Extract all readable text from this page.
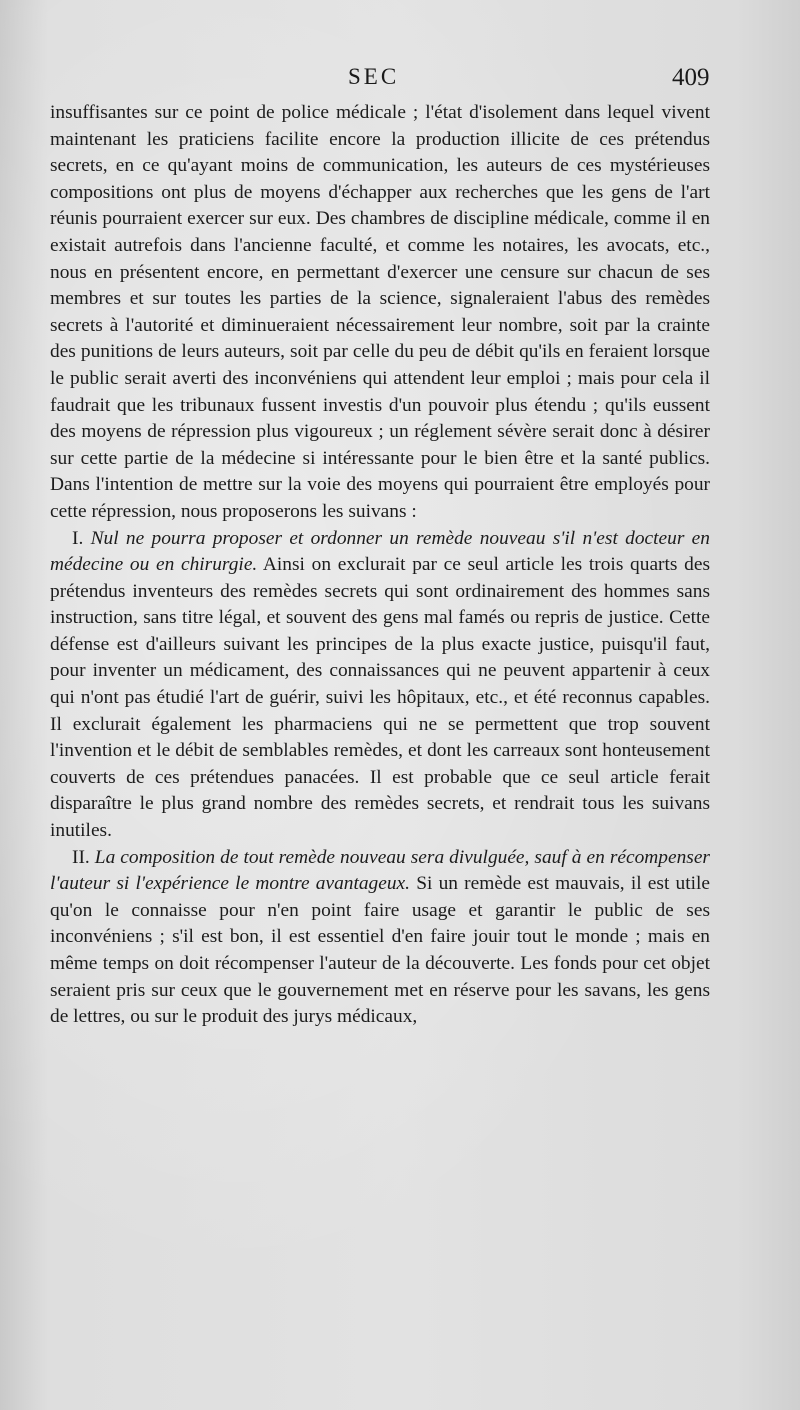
SEC	409

insuffisantes sur ce point de police médicale ; l'état d'isolement dans lequel vivent maintenant les praticiens facilite encore la production illicite de ces prétendus secrets, en ce qu'ayant moins de communication, les auteurs de ces mystérieuses compositions ont plus de moyens d'échapper aux recherches que les gens de l'art réunis pourraient exercer sur eux. Des chambres de discipline médicale, comme il en existait autrefois dans l'ancienne faculté, et comme les notaires, les avocats, etc., nous en présentent encore, en permettant d'exercer une censure sur chacun de ses membres et sur toutes les parties de la science, signaleraient l'abus des remèdes secrets à l'autorité et diminueraient nécessairement leur nombre, soit par la crainte des punitions de leurs auteurs, soit par celle du peu de débit qu'ils en feraient lorsque le public serait averti des inconvéniens qui attendent leur emploi ; mais pour cela il faudrait que les tribunaux fussent investis d'un pouvoir plus étendu ; qu'ils eussent des moyens de répression plus vigoureux ; un réglement sévère serait donc à désirer sur cette partie de la médecine si intéressante pour le bien être et la santé publics. Dans l'intention de mettre sur la voie des moyens qui pourraient être employés pour cette répression, nous proposerons les suivans :

I. Nul ne pourra proposer et ordonner un remède nouveau s'il n'est docteur en médecine ou en chirurgie. Ainsi on exclurait par ce seul article les trois quarts des prétendus inventeurs des remèdes secrets qui sont ordinairement des hommes sans instruction, sans titre légal, et souvent des gens mal famés ou repris de justice. Cette défense est d'ailleurs suivant les principes de la plus exacte justice, puisqu'il faut, pour inventer un médicament, des connaissances qui ne peuvent appartenir à ceux qui n'ont pas étudié l'art de guérir, suivi les hôpitaux, etc., et été reconnus capables. Il exclurait également les pharmaciens qui ne se permettent que trop souvent l'invention et le débit de semblables remèdes, et dont les carreaux sont honteusement couverts de ces prétendues panacées. Il est probable que ce seul article ferait disparaître le plus grand nombre des remèdes secrets, et rendrait tous les suivans inutiles.

II. La composition de tout remède nouveau sera divulguée, sauf à en récompenser l'auteur si l'expérience le montre avantageux. Si un remède est mauvais, il est utile qu'on le connaisse pour n'en point faire usage et garantir le public de ses inconvéniens ; s'il est bon, il est essentiel d'en faire jouir tout le monde ; mais en même temps on doit récompenser l'auteur de la découverte. Les fonds pour cet objet seraient pris sur ceux que le gouvernement met en réserve pour les savans, les gens de lettres, ou sur le produit des jurys médicaux,
